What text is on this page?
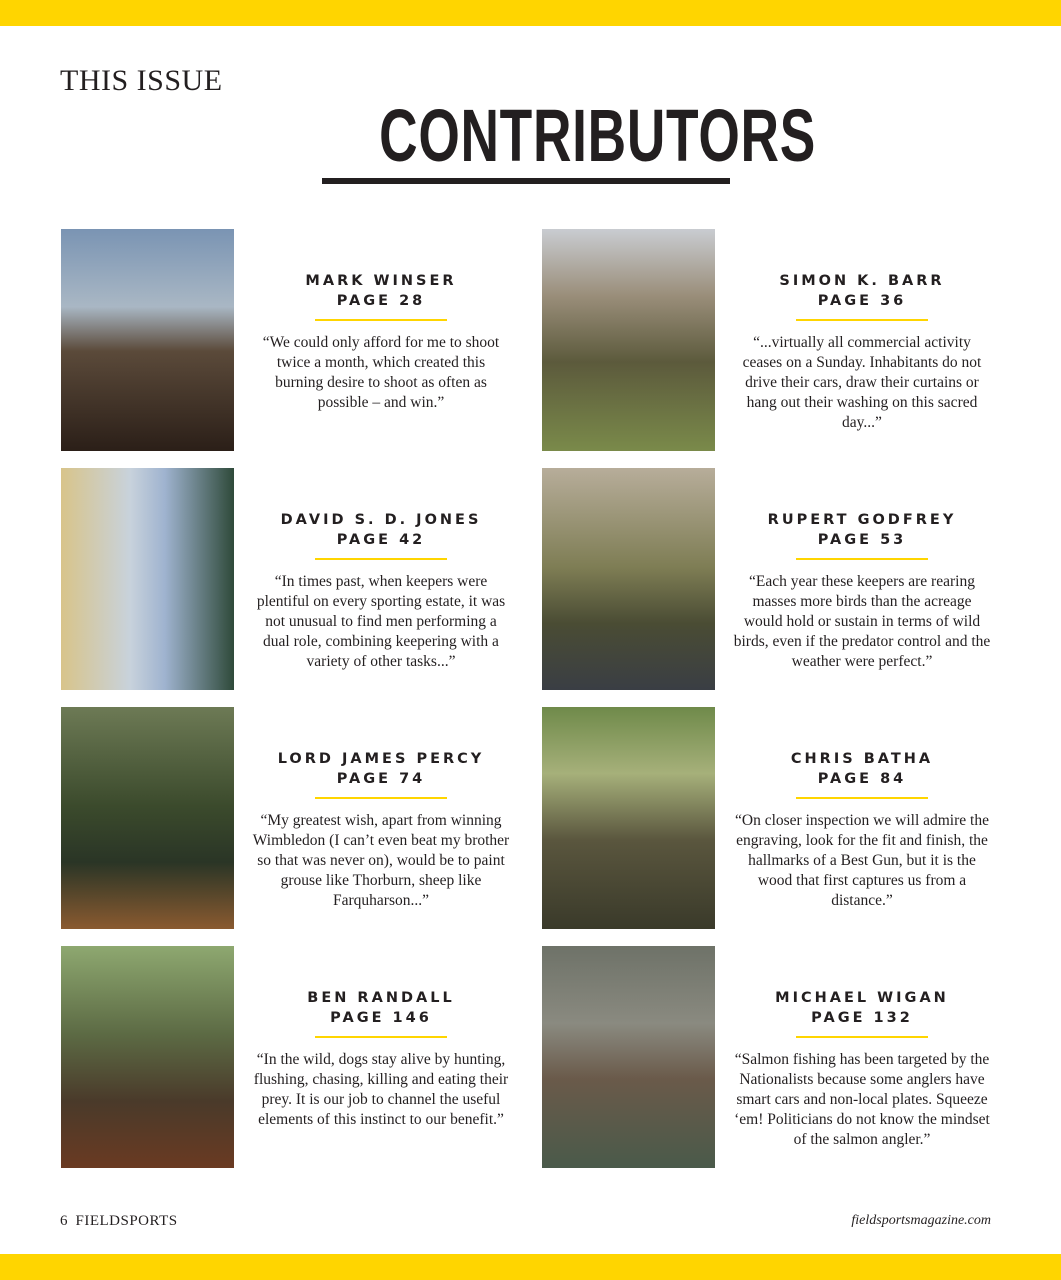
THIS ISSUE
CONTRIBUTORS
MARK WINSER
PAGE 28
“We could only afford for me to shoot twice a month, which created this burning desire to shoot as often as possible – and win.”
SIMON K. BARR
PAGE 36
“...virtually all commercial activity ceases on a Sunday. Inhabitants do not drive their cars, draw their curtains or hang out their washing on this sacred day...”
DAVID S. D. JONES
PAGE 42
“In times past, when keepers were plentiful on every sporting estate, it was not unusual to find men performing a dual role, combining keepering with a variety of other tasks...”
RUPERT GODFREY
PAGE 53
“Each year these keepers are rearing masses more birds than the acreage would hold or sustain in terms of wild birds, even if the predator control and the weather were perfect.”
LORD JAMES PERCY
PAGE 74
“My greatest wish, apart from winning Wimbledon (I can’t even beat my brother so that was never on), would be to paint grouse like Thorburn, sheep like Farquharson...”
CHRIS BATHA
PAGE 84
“On closer inspection we will admire the engraving, look for the fit and finish, the hallmarks of a Best Gun, but it is the wood that first captures us from a distance.”
BEN RANDALL
PAGE 146
“In the wild, dogs stay alive by hunting, flushing, chasing, killing and eating their prey. It is our job to channel the useful elements of this instinct to our benefit.”
MICHAEL WIGAN
PAGE 132
“Salmon fishing has been targeted by the Nationalists because some anglers have smart cars and non-local plates. Squeeze ‘em! Politicians do not know the mindset of the salmon angler.”
6 FIELDSPORTS	fieldsportsmagazine.com
